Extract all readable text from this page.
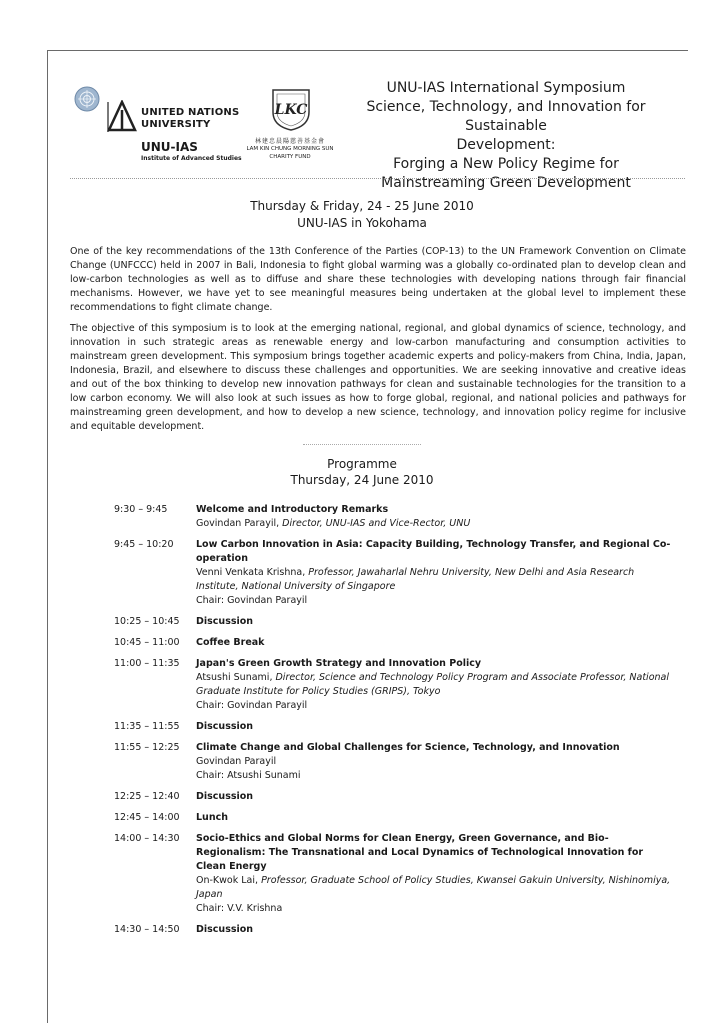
UNITED NATIONS
UNIVERSITY
UNU-IAS
Institute of Advanced Studies
LKC
林建忠晨陽慈善基金會
LAM KIN CHUNG MORNING SUN
CHARITY FUND
UNU-IAS International Symposium
Science, Technology, and Innovation for Sustainable
Development:
Forging a New Policy Regime for
Mainstreaming Green Development
Thursday & Friday, 24 - 25 June 2010
UNU-IAS in Yokohama

One of the key recommendations of the 13th Conference of the Parties (COP-13) to the UN Framework Convention on Climate Change (UNFCCC) held in 2007 in Bali, Indonesia to fight global warming was a globally co-ordinated plan to develop clean and low-carbon technologies as well as to diffuse and share these technologies with developing nations through fair financial mechanisms. However, we have yet to see meaningful measures being undertaken at the global level to implement these recommendations to fight climate change.

The objective of this symposium is to look at the emerging national, regional, and global dynamics of science, technology, and innovation in such strategic areas as renewable energy and low-carbon manufacturing and consumption activities to mainstream green development. This symposium brings together academic experts and policy-makers from China, India, Japan, Indonesia, Brazil, and elsewhere to discuss these challenges and opportunities. We are seeking innovative and creative ideas and out of the box thinking to develop new innovation pathways for clean and sustainable technologies for the transition to a low carbon economy. We will also look at such issues as how to forge global, regional, and national policies and pathways for mainstreaming green development, and how to develop a new science, technology, and innovation policy regime for inclusive and equitable development.

Programme
Thursday, 24 June 2010
9:30 – 9:45	Welcome and Introductory Remarks
Govindan Parayil, Director, UNU-IAS and Vice-Rector, UNU
9:45 – 10:20	Low Carbon Innovation in Asia: Capacity Building, Technology Transfer, and Regional Co-operation
Venni Venkata Krishna, Professor, Jawaharlal Nehru University, New Delhi and Asia Research Institute, National University of Singapore
Chair: Govindan Parayil
10:25 – 10:45	Discussion
10:45 – 11:00	Coffee Break
11:00 – 11:35	Japan's Green Growth Strategy and Innovation Policy
Atsushi Sunami, Director, Science and Technology Policy Program and Associate Professor, National Graduate Institute for Policy Studies (GRIPS), Tokyo
Chair: Govindan Parayil
11:35 – 11:55	Discussion
11:55 – 12:25	Climate Change and Global Challenges for Science, Technology, and Innovation
Govindan Parayil
Chair: Atsushi Sunami
12:25 – 12:40	Discussion
12:45 – 14:00	Lunch
14:00 – 14:30	Socio-Ethics and Global Norms for Clean Energy, Green Governance, and Bio-Regionalism: The Transnational and Local Dynamics of Technological Innovation for Clean Energy
On-Kwok Lai, Professor, Graduate School of Policy Studies, Kwansei Gakuin University, Nishinomiya, Japan
Chair: V.V. Krishna
14:30 – 14:50	Discussion
